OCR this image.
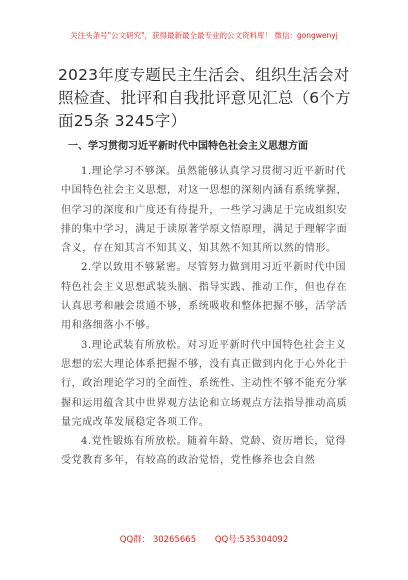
关注头条号"公文研究"，获得最新最全最专业的公文资料库！ 微信：gongwenyj
2023年度专题民主生活会、组织生活会对照检查、批评和自我批评意见汇总（6个方面25条 3245字）
一、学习贯彻习近平新时代中国特色社会主义思想方面

1.理论学习不够深。虽然能够认真学习贯彻习近平新时代中国特色社会主义思想，对这一思想的深刻内涵有系统掌握，但学习的深度和广度还有待提升，一些学习满足于完成组织安排的集中学习，满足于读原著学原文悟原理，满足于理解字面含义，存在知其言不知其义、知其然不知其所以然的情形。

2.学以致用不够紧密。尽管努力做到用习近平新时代中国特色社会主义思想武装头脑、指导实践、推动工作，但也存在认真思考和融会贯通不够，系统吸收和整体把握不够，活学活用和落细落小不够。

3.理论武装有所放松。对习近平新时代中国特色社会主义思想的宏大理论体系把握不够，没有真正做到内化于心外化于行，政治理论学习的全面性、系统性、主动性不够不能充分掌握和运用蕴含其中世界观方法论和立场观点方法指导推动高质量完成改革发展稳定各项工作。

4.党性锻炼有所放松。随着年龄、党龄、资历增长，觉得受党教育多年，有较高的政治觉悟，党性修养也会自然

QQ群： 30265665 QQ号:535304092
